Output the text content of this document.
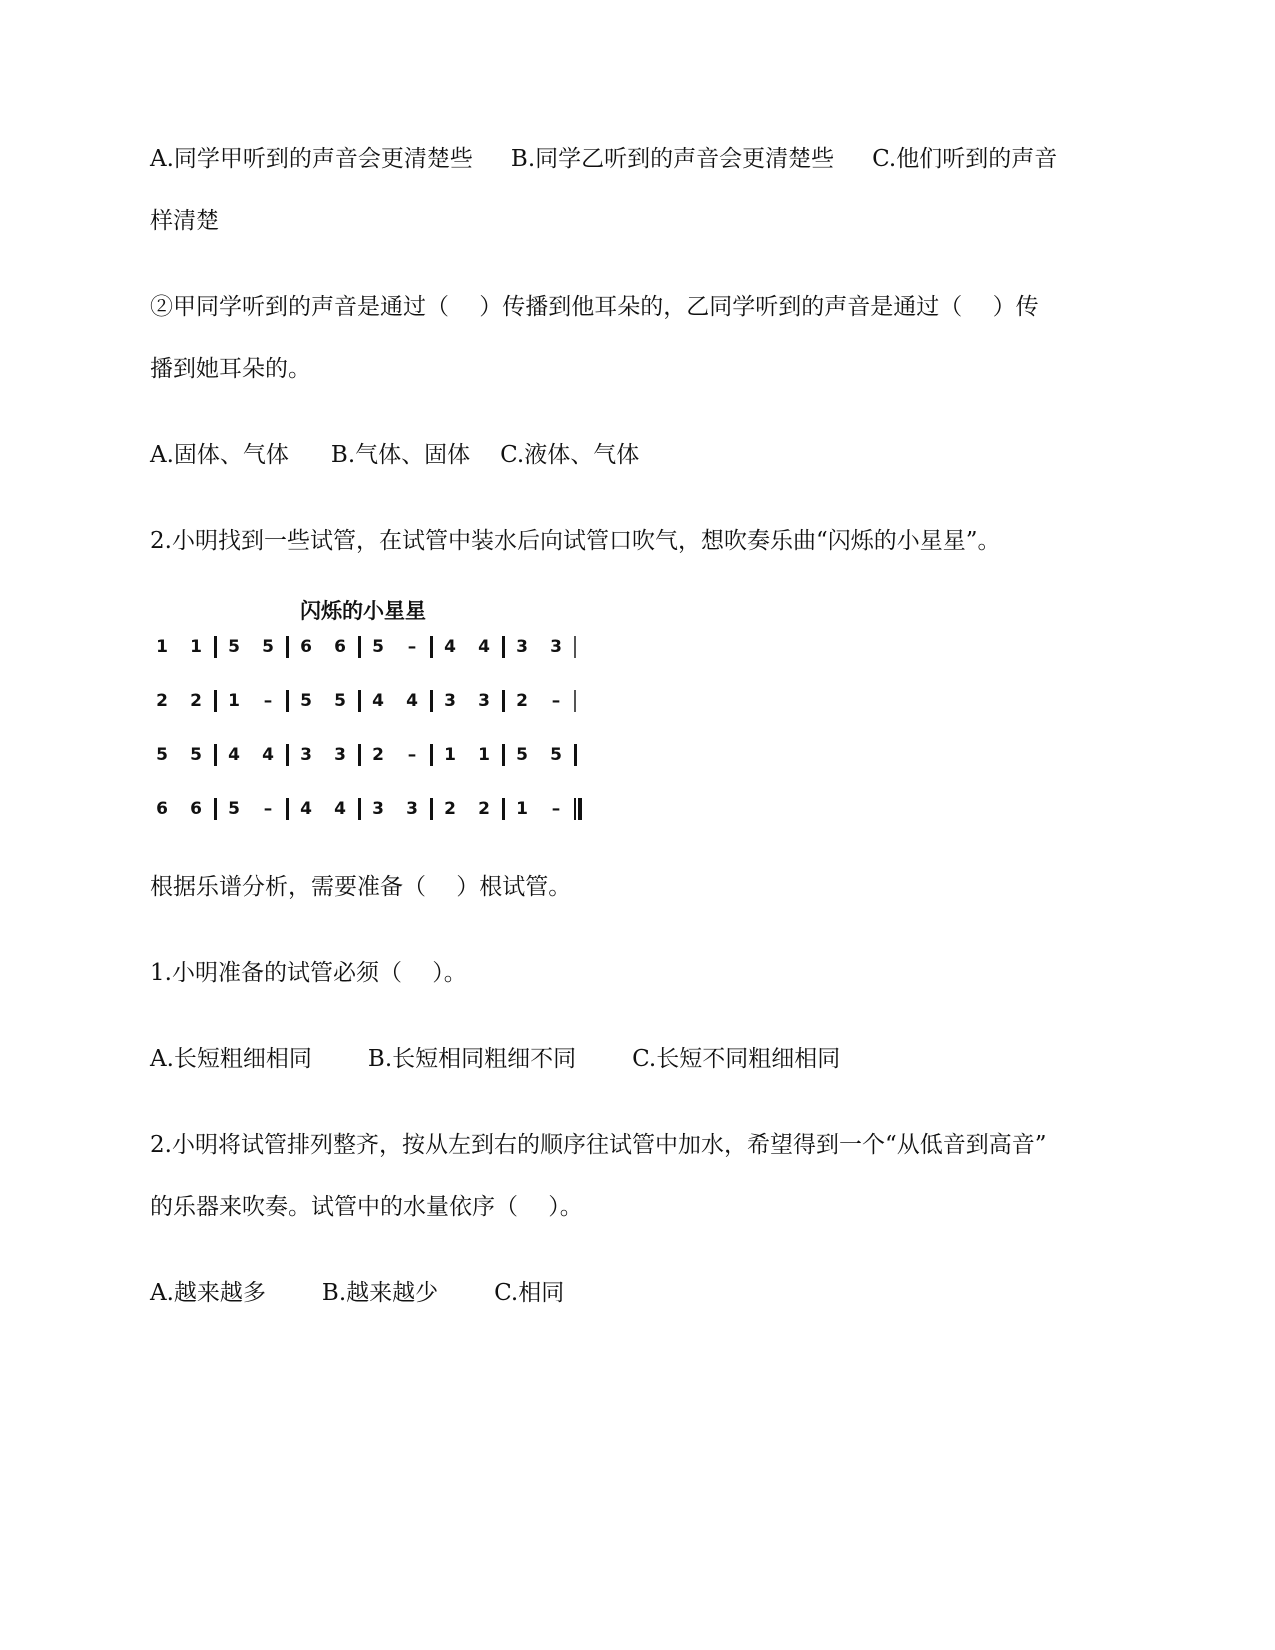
A.同学甲听到的声音会更清楚些 B.同学乙听到的声音会更清楚些 C.他们听到的声音
样清楚
②甲同学听到的声音是通过（　 ）传播到他耳朵的，乙同学听到的声音是通过（　 ）传
播到她耳朵的。
A.固体、气体 B.气体、固体 C.液体、气体
2.小明找到一些试管，在试管中装水后向试管口吹气，想吹奏乐曲“闪烁的小星星”。
闪烁的小星星
1 1 5 5 6 6 5 – 4 4 3 3
2 2 1 – 5 5 4 4 3 3 2 –
5 5 4 4 3 3 2 – 1 1 5 5
6 6 5 – 4 4 3 3 2 2 1 –
根据乐谱分析，需要准备（　 ）根试管。
1.小明准备的试管必须（　 ）。
A.长短粗细相同 B.长短相同粗细不同 C.长短不同粗细相同
2.小明将试管排列整齐，按从左到右的顺序往试管中加水，希望得到一个“从低音到高音”
的乐器来吹奏。试管中的水量依序（　 ）。
A.越来越多 B.越来越少 C.相同
